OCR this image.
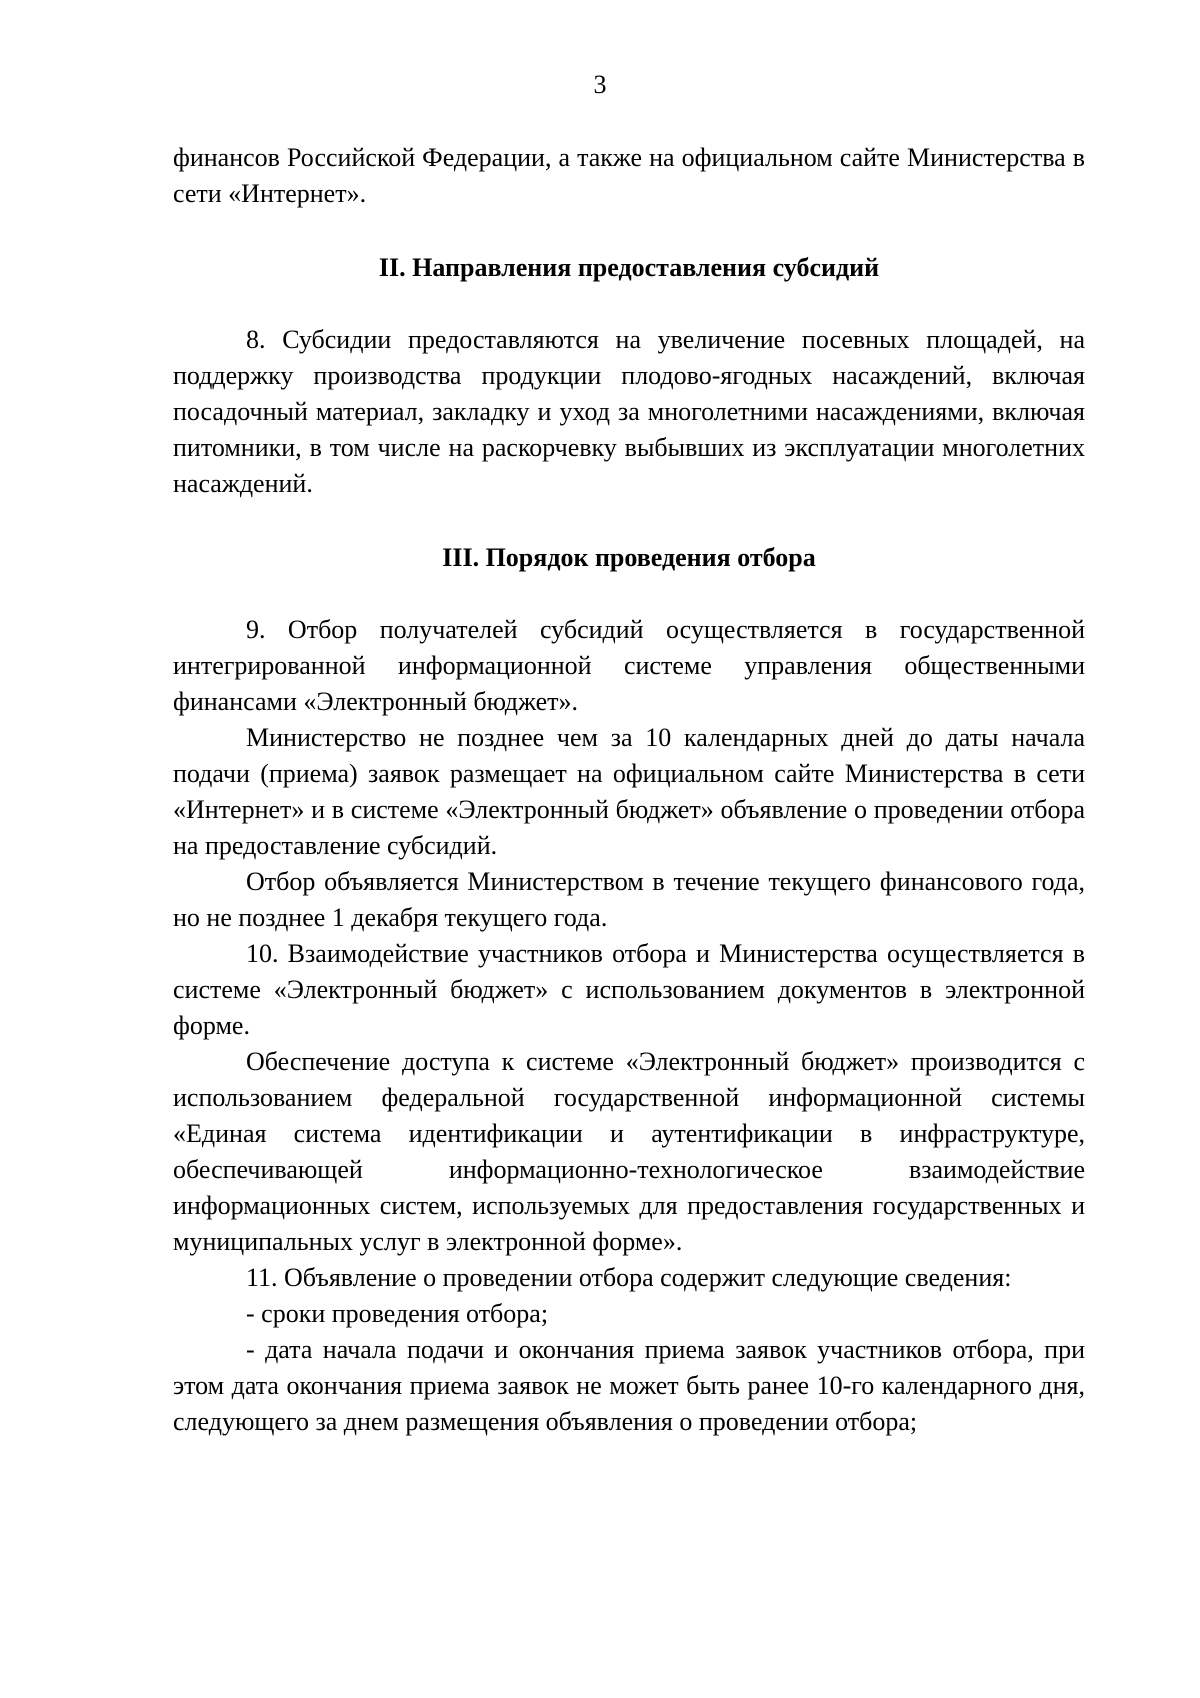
3

финансов Российской Федерации, а также на официальном сайте Министерства в сети «Интернет».

II. Направления предоставления субсидий

8. Субсидии предоставляются на увеличение посевных площадей, на поддержку производства продукции плодово-ягодных насаждений, включая посадочный материал, закладку и уход за многолетними насаждениями, включая питомники, в том числе на раскорчевку выбывших из эксплуатации многолетних насаждений.

III. Порядок проведения отбора

9. Отбор получателей субсидий осуществляется в государственной интегрированной информационной системе управления общественными финансами «Электронный бюджет».

Министерство не позднее чем за 10 календарных дней до даты начала подачи (приема) заявок размещает на официальном сайте Министерства в сети «Интернет» и в системе «Электронный бюджет» объявление о проведении отбора на предоставление субсидий.

Отбор объявляется Министерством в течение текущего финансового года, но не позднее 1 декабря текущего года.

10. Взаимодействие участников отбора и Министерства осуществляется в системе «Электронный бюджет» с использованием документов в электронной форме.

Обеспечение доступа к системе «Электронный бюджет» производится с использованием федеральной государственной информационной системы «Единая система идентификации и аутентификации в инфраструктуре, обеспечивающей информационно-технологическое взаимодействие информационных систем, используемых для предоставления государственных и муниципальных услуг в электронной форме».

11. Объявление о проведении отбора содержит следующие сведения:

- сроки проведения отбора;

- дата начала подачи и окончания приема заявок участников отбора, при этом дата окончания приема заявок не может быть ранее 10-го календарного дня, следующего за днем размещения объявления о проведении отбора;
